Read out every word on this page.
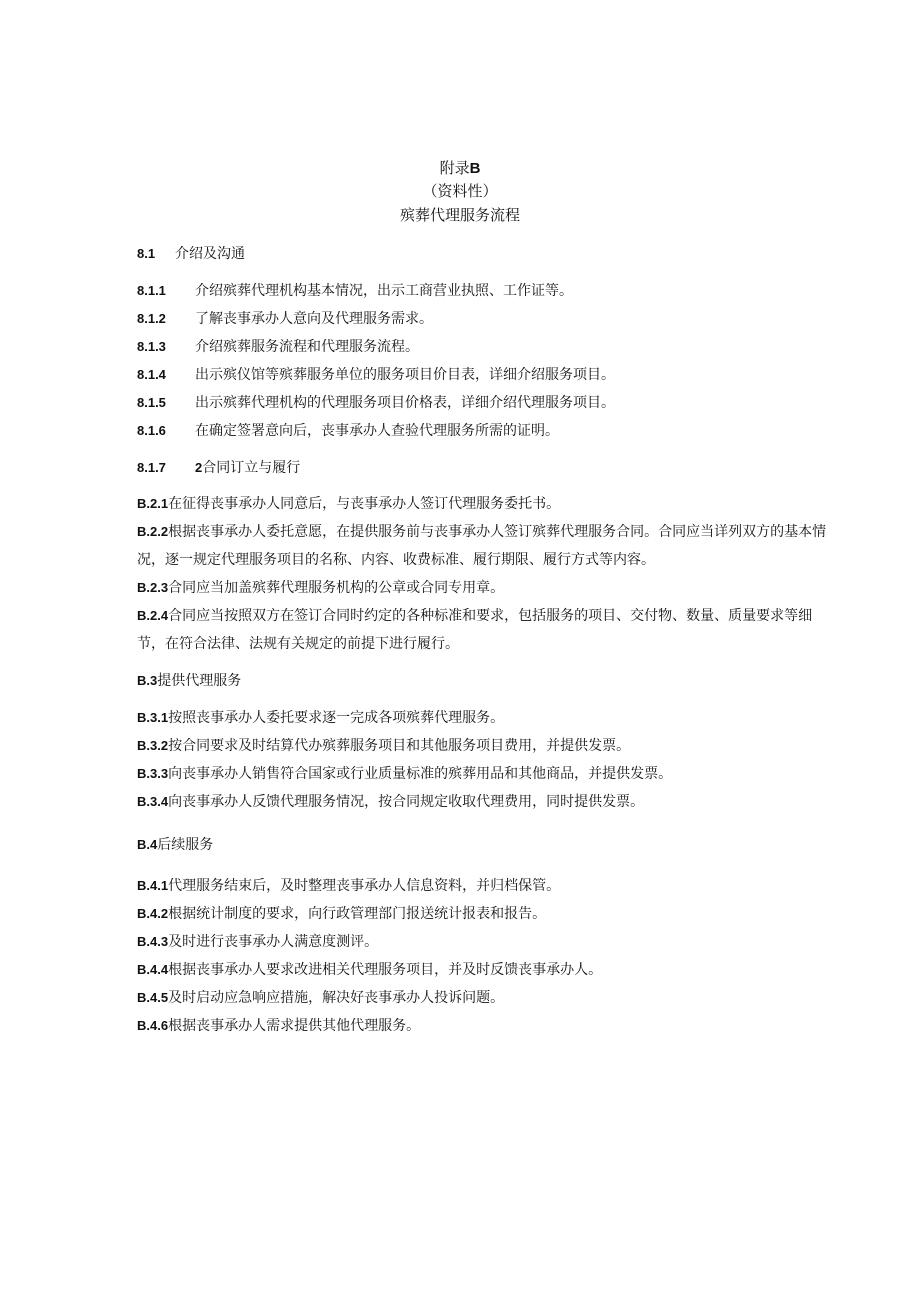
附录B
（资料性）
殡葬代理服务流程
8.1 介绍及沟通
8.1.1 介绍殡葬代理机构基本情况，出示工商营业执照、工作证等。
8.1.2 了解丧事承办人意向及代理服务需求。
8.1.3 介绍殡葬服务流程和代理服务流程。
8.1.4 出示殡仪馆等殡葬服务单位的服务项目价目表，详细介绍服务项目。
8.1.5 出示殡葬代理机构的代理服务项目价格表，详细介绍代理服务项目。
8.1.6 在确定签署意向后，丧事承办人查验代理服务所需的证明。
8.1.7 2合同订立与履行
B.2.1在征得丧事承办人同意后，与丧事承办人签订代理服务委托书。
B.2.2根据丧事承办人委托意愿，在提供服务前与丧事承办人签订殡葬代理服务合同。合同应当详列双方的基本情况，逐一规定代理服务项目的名称、内容、收费标准、履行期限、履行方式等内容。
B.2.3合同应当加盖殡葬代理服务机构的公章或合同专用章。
B.2.4合同应当按照双方在签订合同时约定的各种标准和要求，包括服务的项目、交付物、数量、质量要求等细节，在符合法律、法规有关规定的前提下进行履行。
B.3提供代理服务
B.3.1按照丧事承办人委托要求逐一完成各项殡葬代理服务。
B.3.2按合同要求及时结算代办殡葬服务项目和其他服务项目费用，并提供发票。
B.3.3向丧事承办人销售符合国家或行业质量标准的殡葬用品和其他商品，并提供发票。
B.3.4向丧事承办人反馈代理服务情况，按合同规定收取代理费用，同时提供发票。
B.4后续服务
B.4.1代理服务结束后，及时整理丧事承办人信息资料，并归档保管。
B.4.2根据统计制度的要求，向行政管理部门报送统计报表和报告。
B.4.3及时进行丧事承办人满意度测评。
B.4.4根据丧事承办人要求改进相关代理服务项目，并及时反馈丧事承办人。
B.4.5及时启动应急响应措施，解决好丧事承办人投诉问题。
B.4.6根据丧事承办人需求提供其他代理服务。
